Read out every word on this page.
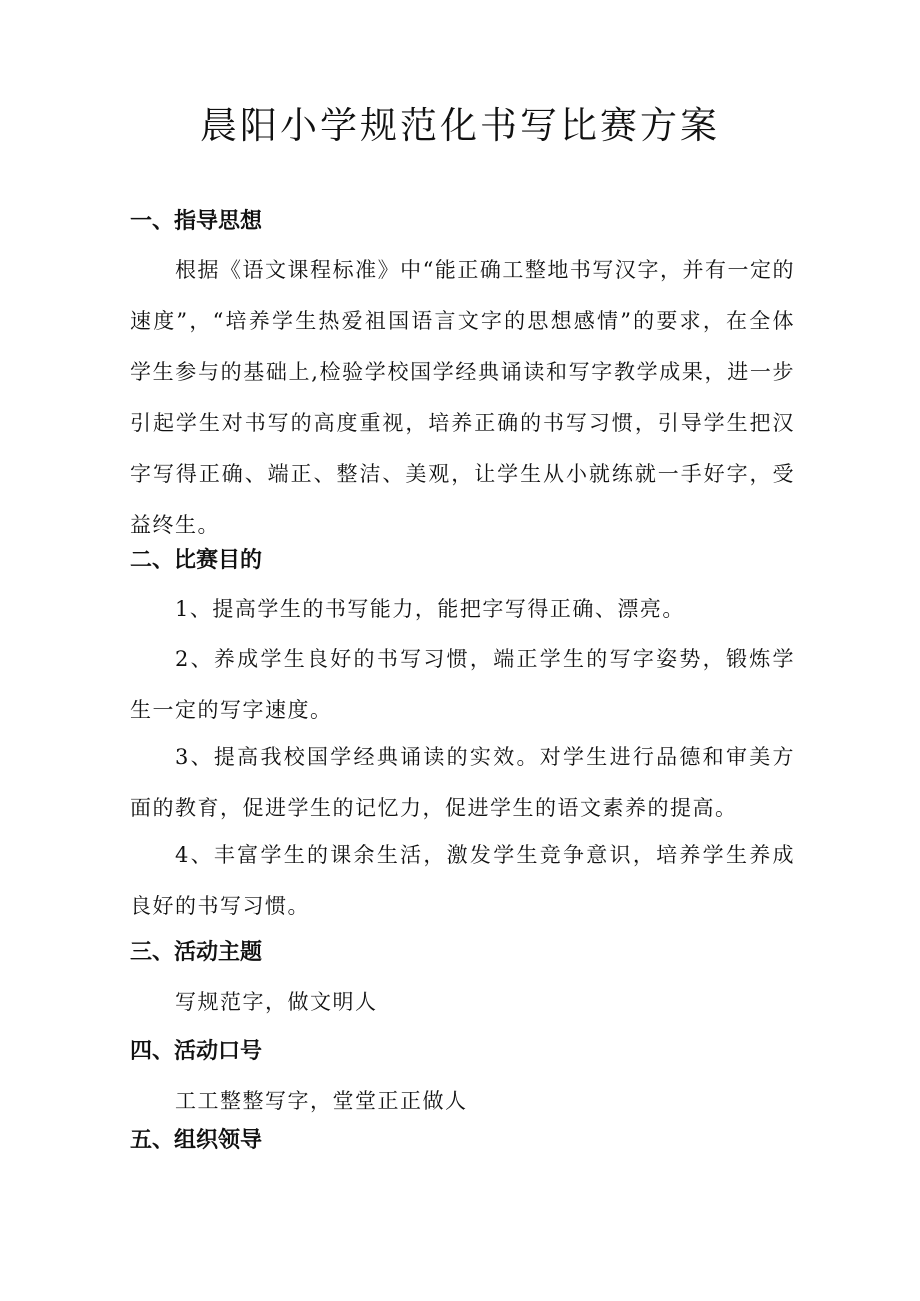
晨阳小学规范化书写比赛方案
一、指导思想

根据《语文课程标准》中“能正确工整地书写汉字，并有一定的速度”，“培养学生热爱祖国语言文字的思想感情”的要求，在全体学生参与的基础上,检验学校国学经典诵读和写字教学成果，进一步引起学生对书写的高度重视，培养正确的书写习惯，引导学生把汉字写得正确、端正、整洁、美观，让学生从小就练就一手好字，受益终生。

二、比赛目的

1、提高学生的书写能力，能把字写得正确、漂亮。

2、养成学生良好的书写习惯，端正学生的写字姿势，锻炼学生一定的写字速度。

3、提高我校国学经典诵读的实效。对学生进行品德和审美方面的教育，促进学生的记忆力，促进学生的语文素养的提高。

4、丰富学生的课余生活，激发学生竞争意识，培养学生养成良好的书写习惯。

三、活动主题

写规范字，做文明人

四、活动口号

工工整整写字，堂堂正正做人

五、组织领导
